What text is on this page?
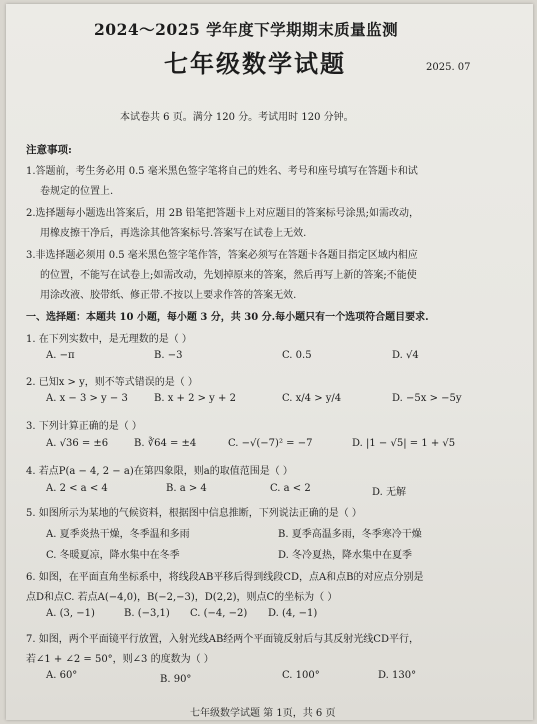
2024～2025 学年度下学期期末质量监测
七年级数学试题	2025. 07
本试卷共 6 页。满分 120 分。考试用时 120 分钟。
注意事项:
1.答题前，考生务必用 0.5 毫米黑色签字笔将自己的姓名、考号和座号填写在答题卡和试
卷规定的位置上.
2.选择题每小题选出答案后，用 2B 铅笔把答题卡上对应题目的答案标号涂黑;如需改动，
用橡皮擦干净后，再选涂其他答案标号.答案写在试卷上无效.
3.非选择题必须用 0.5 毫米黑色签字笔作答，答案必须写在答题卡各题目指定区域内相应
的位置，不能写在试卷上;如需改动，先划掉原来的答案，然后再写上新的答案;不能使
用涂改液、胶带纸、修正带.不按以上要求作答的答案无效.
一、选择题：本题共 10 小题，每小题 3 分，共 30 分.每小题只有一个选项符合题目要求.
1. 在下列实数中，是无理数的是（ ）
A. −π	B. −3	C. 0.5	D. √4
2. 已知x > y，则不等式错误的是（ ）
A. x − 3 > y − 3	B. x + 2 > y + 2	C. x/4 > y/4	D. −5x > −5y
3. 下列计算正确的是（ ）
A. √36 = ±6	B. ∛64 = ±4	C. −√(−7)² = −7	D. |1 − √5| = 1 + √5
4. 若点P(a − 4, 2 − a)在第四象限，则a的取值范围是（ ）
A. 2 < a < 4	B. a > 4	C. a < 2	D. 无解
5. 如图所示为某地的气候资料，根据图中信息推断，下列说法正确的是（ ）
A. 夏季炎热干燥，冬季温和多雨	B. 夏季高温多雨，冬季寒冷干燥
C. 冬暖夏凉，降水集中在冬季	D. 冬冷夏热，降水集中在夏季
6. 如图，在平面直角坐标系中，将线段AB平移后得到线段CD，点A和点B的对应点分别是
点D和点C. 若点A(−4,0)，B(−2,−3)，D(2,2)，则点C的坐标为（ ）
A. (3, −1)	B. (−3,1) C. (−4, −2) D. (4, −1)
7. 如图，两个平面镜平行放置，入射光线AB经两个平面镜反射后与其反射光线CD平行，
若∠1 + ∠2 = 50°，则∠3 的度数为（ ）
A. 60°	B. 90°	C. 100°	D. 130°
七年级数学试题 第 1页，共 6 页
